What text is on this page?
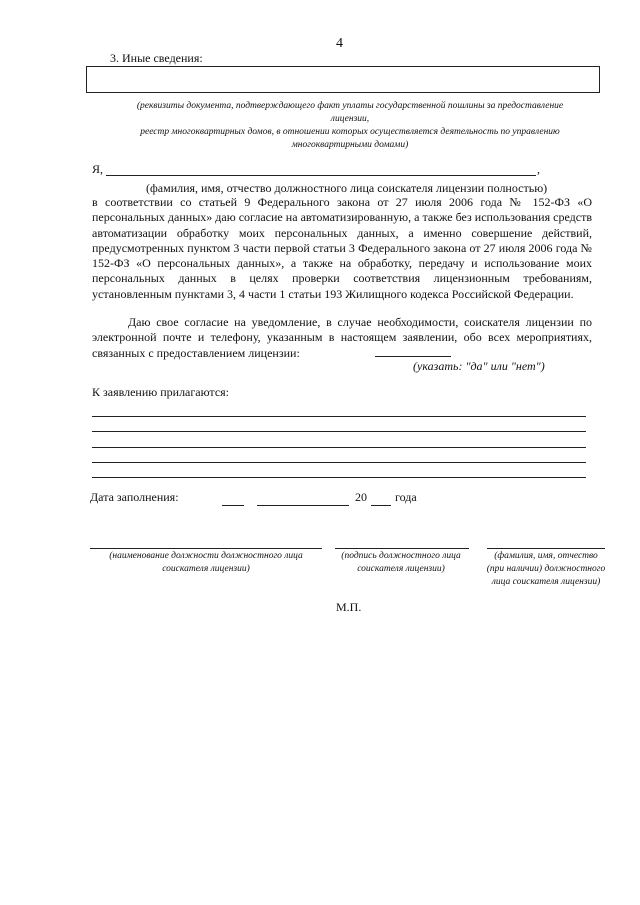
4
3. Иные сведения:
(реквизиты документа, подтверждающего факт уплаты государственной пошлины за предоставление лицензии,
реестр многоквартирных домов, в отношении которых осуществляется деятельность по управлению многоквартирными домами)
Я,	,
(фамилия, имя, отчество должностного лица соискателя лицензии полностью)
в соответствии со статьей 9 Федерального закона от 27 июля 2006 года № 152-ФЗ «О персональных данных» даю согласие на автоматизированную, а также без использования средств автоматизации обработку моих персональных данных, а именно совершение действий, предусмотренных пунктом 3 части первой статьи 3 Федерального закона от 27 июля 2006 года № 152-ФЗ «О персональных данных», а также на обработку, передачу и использование моих персональных данных в целях проверки соответствия лицензионным требованиям, установленным пунктами 3, 4 части 1 статьи 193 Жилищного кодекса Российской Федерации.
Даю свое согласие на уведомление, в случае необходимости, соискателя лицензии по электронной почте и телефону, указанным в настоящем заявлении, обо всех мероприятиях, связанных с предоставлением лицензии:
(указать: "да" или "нет")
К заявлению прилагаются:
Дата заполнения:	20 года
(наименование должности должностного лица соискателя лицензии)
(подпись должностного лица соискателя лицензии)
(фамилия, имя, отчество (при наличии) должностного лица соискателя лицензии)
М.П.
